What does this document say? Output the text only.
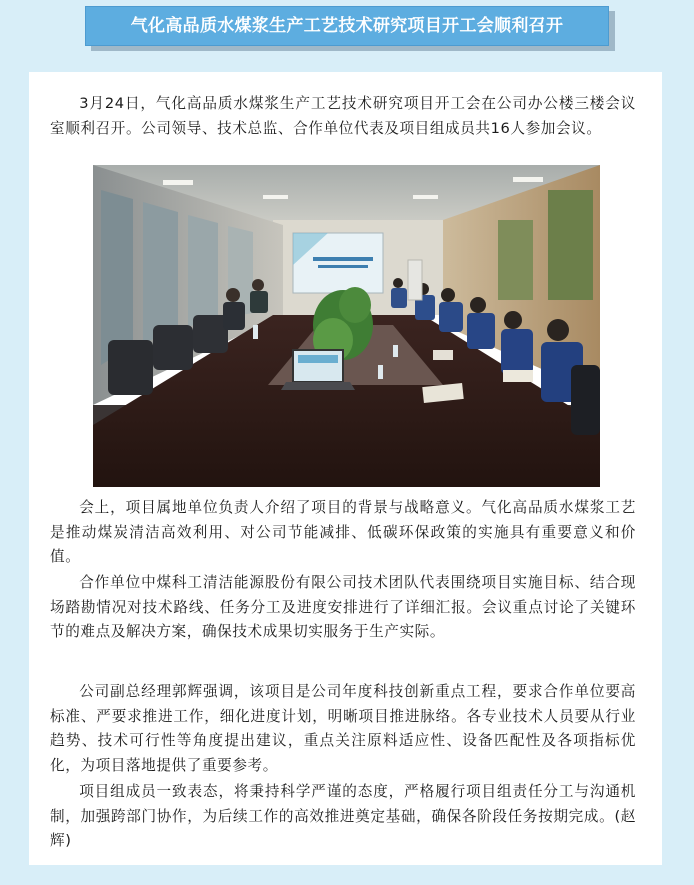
气化高品质水煤浆生产工艺技术研究项目开工会顺利召开

3月24日，气化高品质水煤浆生产工艺技术研究项目开工会在公司办公楼三楼会议室顺利召开。公司领导、技术总监、合作单位代表及项目组成员共16人参加会议。

会上，项目属地单位负责人介绍了项目的背景与战略意义。气化高品质水煤浆工艺是推动煤炭清洁高效利用、对公司节能减排、低碳环保政策的实施具有重要意义和价值。

合作单位中煤科工清洁能源股份有限公司技术团队代表围绕项目实施目标、结合现场踏勘情况对技术路线、任务分工及进度安排进行了详细汇报。会议重点讨论了关键环节的难点及解决方案，确保技术成果切实服务于生产实际。

公司副总经理郭辉强调，该项目是公司年度科技创新重点工程，要求合作单位要高标准、严要求推进工作，细化进度计划，明晰项目推进脉络。各专业技术人员要从行业趋势、技术可行性等角度提出建议，重点关注原料适应性、设备匹配性及各项指标优化，为项目落地提供了重要参考。

项目组成员一致表态，将秉持科学严谨的态度，严格履行项目组责任分工与沟通机制，加强跨部门协作，为后续工作的高效推进奠定基础，确保各阶段任务按期完成。(赵辉)
